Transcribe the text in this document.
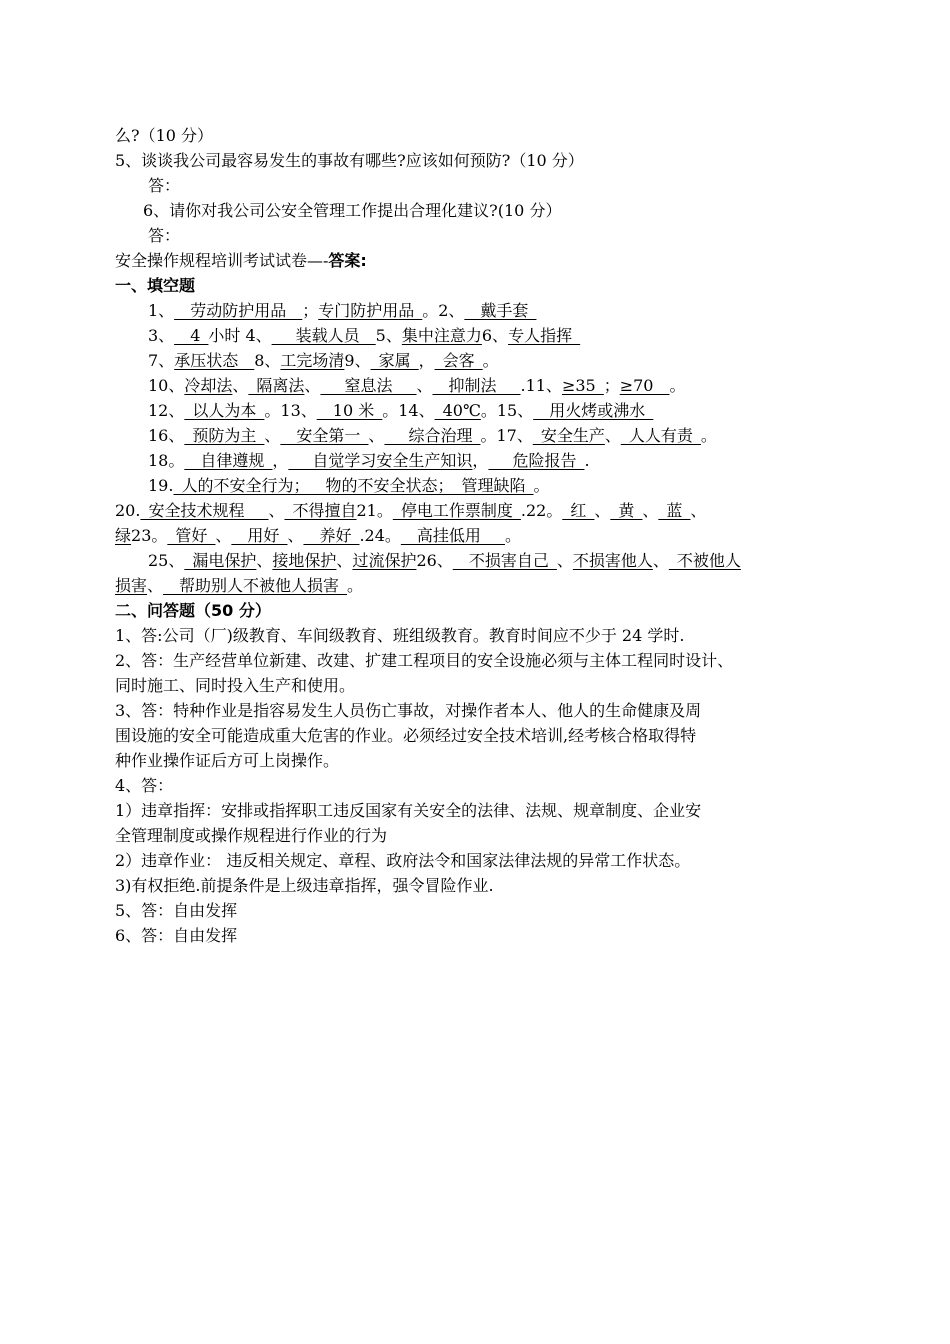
么?（10 分）
5、谈谈我公司最容易发生的事故有哪些?应该如何预防?（10 分）
答：
6、请你对我公司公安全管理工作提出合理化建议?(10 分）
答：
安全操作规程培训考试试卷—-答案:
一、填空题
1、__劳动防护用品__；专门防护用品_。2、__戴手套_
3、__4_小时 4、___装载人员__5、集中注意力6、专人指挥_
7、承压状态__8、工完场清9、_家属_，_会客_。
10、冷却法、_隔离法、___窒息法___、__抑制法___.11、≥35_；≥70__。
12、_以人为本_。13、__10 米_。14、_40℃。15、__用火烤或沸水_
16、_预防为主_、__安全第一_、___综合治理_。17、_安全生产、_人人有责_。
18。__自律遵规_，___自觉学习安全生产知识，___危险报告_.
19._人的不安全行为；__物的不安全状态；_管理缺陷_。
20._安全技术规程___、_不得擅自21。_停电工作票制度_.22。_红_、_黄_、_蓝_、
绿23。_管好_、__用好_、__养好_.24。__高挂低用___。
25、_漏电保护、接地保护、过流保护26、__不损害自己_、不损害他人、_不被他人
损害、__帮助别人不被他人损害_。
二、问答题（50 分）
1、答:公司（厂)级教育、车间级教育、班组级教育。教育时间应不少于 24 学时.
2、答：生产经营单位新建、改建、扩建工程项目的安全设施必须与主体工程同时设计、
同时施工、同时投入生产和使用。
3、答：特种作业是指容易发生人员伤亡事故，对操作者本人、他人的生命健康及周
围设施的安全可能造成重大危害的作业。必须经过安全技术培训,经考核合格取得特
种作业操作证后方可上岗操作。
4、答：
1）违章指挥：安排或指挥职工违反国家有关安全的法律、法规、规章制度、企业安
全管理制度或操作规程进行作业的行为
2）违章作业： 违反相关规定、章程、政府法令和国家法律法规的异常工作状态。
3)有权拒绝.前提条件是上级违章指挥，强令冒险作业.
5、答：自由发挥
6、答：自由发挥
